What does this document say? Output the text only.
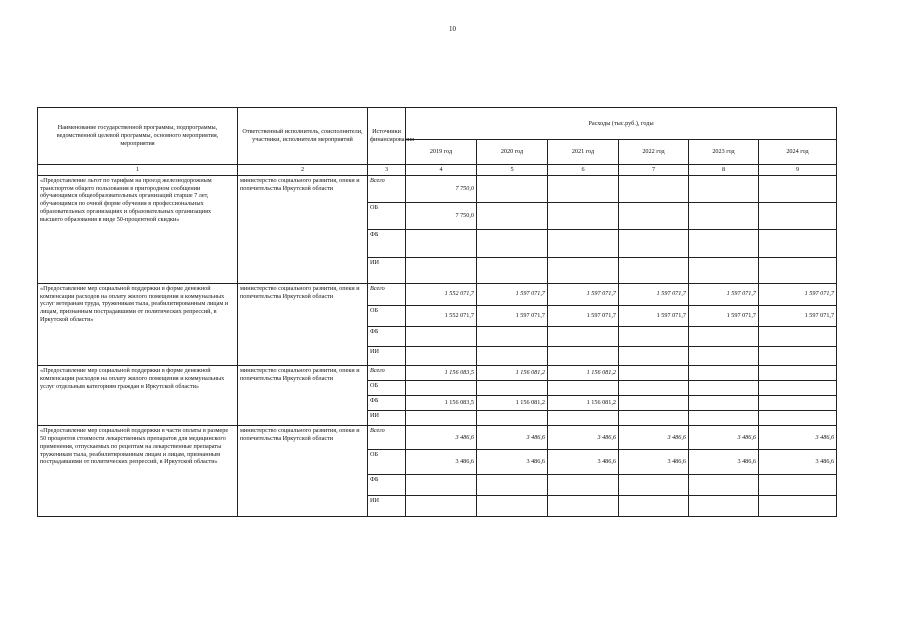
10
Наименование государственной программы, подпрограммы, ведомственной целевой программы, основного мероприятия, мероприятия	Ответственный исполнитель, соисполнители, участники, исполнители мероприятий	Источники финансирования	Расходы (тыс.руб.), годы					
			2019 год	2020 год	2021 год	2022 год	2023 год	2024 год
1	2	3	4	5	6	7	8	9
«Предоставление льгот по тарифам на проезд железнодорожным транспортом общего пользования в пригородном сообщении обучающимся общеобразовательных организаций старше 7 лет, обучающимся по очной форме обучения в профессиональных образовательных организациях и образовательных организациях высшего образования в виде 50-процентной скидки»	министерство социального развития, опеки и попечительства Иркутской области	Всего	7 750,0					
		ОБ	7 750,0					
		ФБ						
		ИИ						
«Предоставление мер социальной поддержки в форме денежной компенсации расходов на оплату жилого помещения и коммунальных услуг ветеранам труда, труженикам тыла, реабилитированным лицам и лицам, признанным пострадавшими от политических репрессий, в Иркутской области»	министерство социального развития, опеки и попечительства Иркутской области	Всего	1 552 071,7	1 597 071,7	1 597 071,7	1 597 071,7	1 597 071,7	1 597 071,7
		ОБ	1 552 071,7	1 597 071,7	1 597 071,7	1 597 071,7	1 597 071,7	1 597 071,7
		ФБ						
		ИИ						
«Предоставление мер социальной поддержки в форме денежной компенсации расходов на оплату жилого помещения и коммунальных услуг отдельным категориям граждан в Иркутской области»	министерство социального развития, опеки и попечительства Иркутской области	Всего	1 156 083,5	1 156 081,2	1 156 081,2			
		ОБ						
		ФБ	1 156 083,5	1 156 081,2	1 156 081,2			
		ИИ						
«Предоставление мер социальной поддержки в части оплаты в размере 50 процентов стоимости лекарственных препаратов для медицинского применения, отпускаемых по рецептам на лекарственные препараты труженикам тыла, реабилитированным лицам и лицам, признанным пострадавшими от политических репрессий, в Иркутской области»	министерство социального развития, опеки и попечительства Иркутской области	Всего	3 486,6	3 486,6	3 486,6	3 486,6	3 486,6	3 486,6
		ОБ	3 486,6	3 486,6	3 486,6	3 486,6	3 486,6	3 486,6
		ФБ						
		ИИ						
